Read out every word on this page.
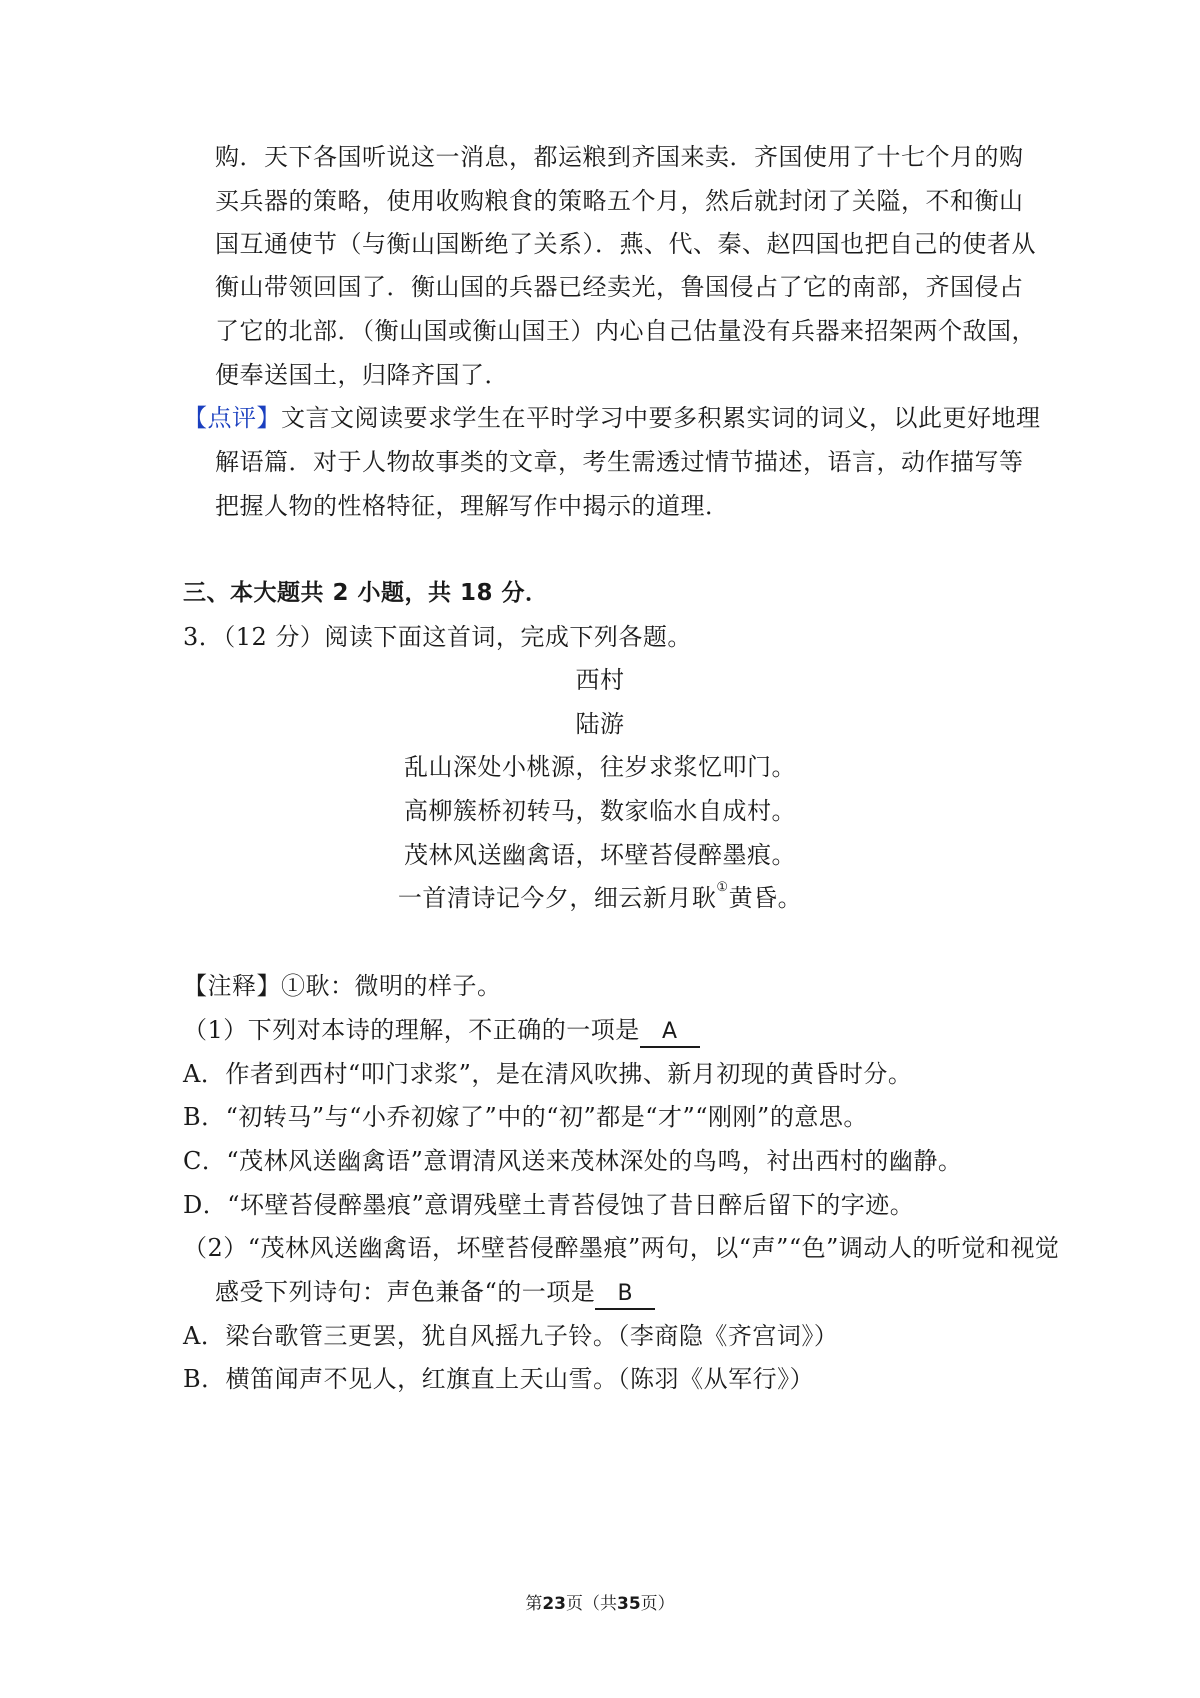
购．天下各国听说这一消息，都运粮到齐国来卖．齐国使用了十七个月的购
买兵器的策略，使用收购粮食的策略五个月，然后就封闭了关隘，不和衡山
国互通使节（与衡山国断绝了关系）．燕、代、秦、赵四国也把自己的使者从
衡山带领回国了．衡山国的兵器已经卖光，鲁国侵占了它的南部，齐国侵占
了它的北部．（衡山国或衡山国王）内心自己估量没有兵器来招架两个敌国，
便奉送国土，归降齐国了．
【点评】文言文阅读要求学生在平时学习中要多积累实词的词义，以此更好地理
解语篇．对于人物故事类的文章，考生需透过情节描述，语言，动作描写等
把握人物的性格特征，理解写作中揭示的道理．
三、本大题共 2 小题，共 18 分．
3．（12 分）阅读下面这首词，完成下列各题。
西村
陆游
乱山深处小桃源，往岁求浆忆叩门。
高柳簇桥初转马，数家临水自成村。
茂林风送幽禽语，坏壁苔侵醉墨痕。
一首清诗记今夕，细云新月耿①黄昏。
【注释】①耿：微明的样子。
（1）下列对本诗的理解，不正确的一项是 A
A．作者到西村“叩门求浆”，是在清风吹拂、新月初现的黄昏时分。
B．“初转马”与“小乔初嫁了”中的“初”都是“才”“刚刚”的意思。
C．“茂林风送幽禽语”意谓清风送来茂林深处的鸟鸣，衬出西村的幽静。
D．“坏壁苔侵醉墨痕”意谓残壁土青苔侵蚀了昔日醉后留下的字迹。
（2）“茂林风送幽禽语，坏壁苔侵醉墨痕”两句，以“声”“色”调动人的听觉和视觉
感受下列诗句：声色兼备“的一项是 B
A．梁台歌管三更罢，犹自风摇九子铃。（李商隐《齐宫词》）
B．横笛闻声不见人，红旗直上天山雪。（陈羽《从军行》）
第23页（共35页）
